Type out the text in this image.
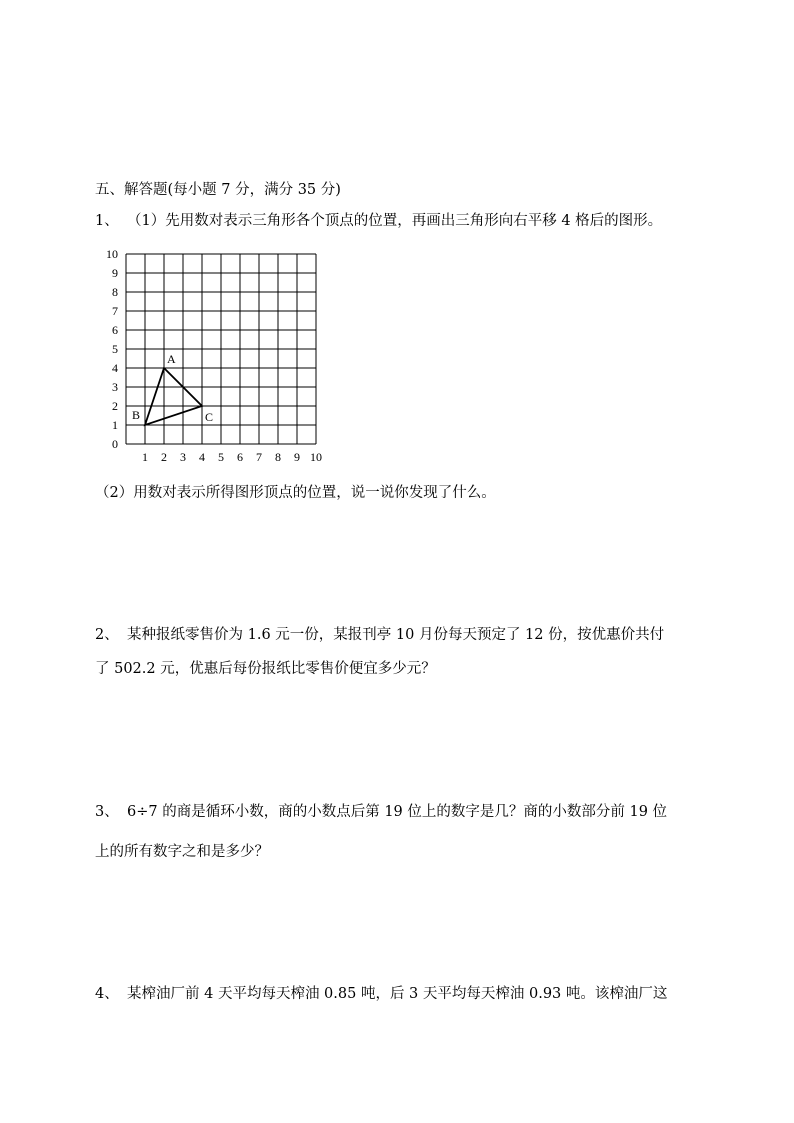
五、解答题(每小题 7 分，满分 35 分)
1、 （1）先用数对表示三角形各个顶点的位置，再画出三角形向右平移 4 格后的图形。
0
1
2
3
4
5
6
7
8
9
10
1 2 3 4 5 6 7 8 9 10
A
B	C
（2）用数对表示所得图形顶点的位置，说一说你发现了什么。
2、 某种报纸零售价为 1.6 元一份，某报刊亭 10 月份每天预定了 12 份，按优惠价共付
了 502.2 元，优惠后每份报纸比零售价便宜多少元？
3、 6÷7 的商是循环小数，商的小数点后第 19 位上的数字是几？商的小数部分前 19 位
上的所有数字之和是多少？
4、 某榨油厂前 4 天平均每天榨油 0.85 吨，后 3 天平均每天榨油 0.93 吨。该榨油厂这
